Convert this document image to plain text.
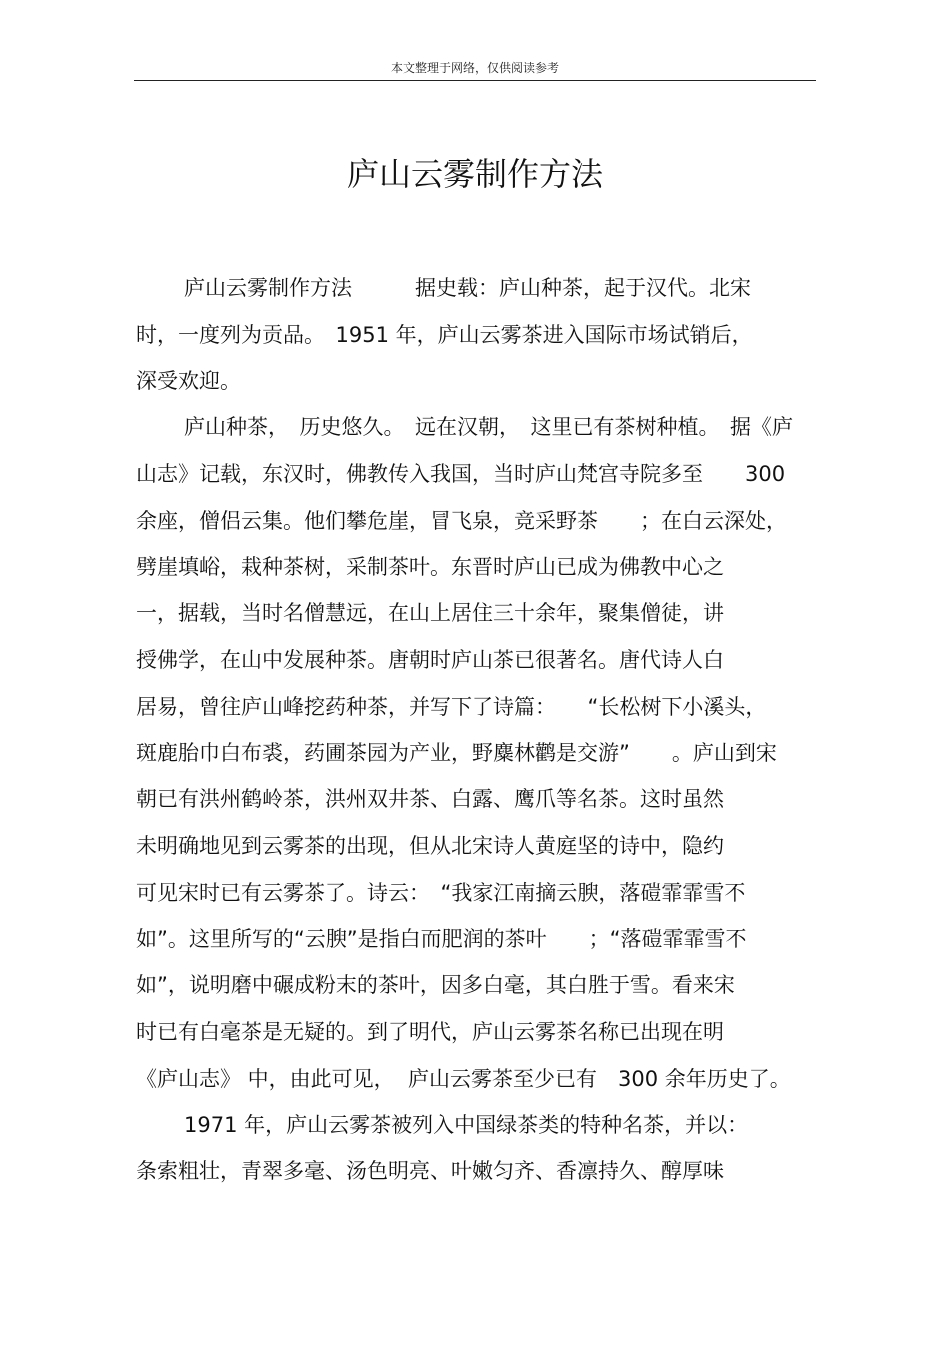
本文整理于网络，仅供阅读参考
庐山云雾制作方法
庐山云雾制作方法　　　据史载：庐山种茶，起于汉代。北宋
时，一度列为贡品。　1951 年，庐山云雾茶进入国际市场试销后，
深受欢迎。
庐山种茶，　历史悠久。　远在汉朝，　这里已有茶树种植。　据《庐
山志》记载，东汉时，佛教传入我国，当时庐山梵宫寺院多至　　300
余座，僧侣云集。他们攀危崖，冒飞泉，竞采野茶　　；在白云深处，
劈崖填峪，栽种茶树，采制茶叶。东晋时庐山已成为佛教中心之
一，据载，当时名僧慧远，在山上居住三十余年，聚集僧徒，讲
授佛学，在山中发展种茶。唐朝时庐山茶已很著名。唐代诗人白
居易，曾往庐山峰挖药种茶，并写下了诗篇：　　“长松树下小溪头，
斑鹿胎巾白布裘，药圃茶园为产业，野麋林鹳是交游”　　。庐山到宋
朝已有洪州鹤岭茶，洪州双井茶、白露、鹰爪等名茶。这时虽然
未明确地见到云雾茶的出现，但从北宋诗人黄庭坚的诗中，隐约
可见宋时已有云雾茶了。诗云：　“我家江南摘云腴，落磑霏霏雪不
如”。这里所写的“云腴”是指白而肥润的茶叶　　；“落磑霏霏雪不
如”，说明磨中碾成粉末的茶叶，因多白毫，其白胜于雪。看来宋
时已有白毫茶是无疑的。到了明代，庐山云雾茶名称已出现在明
《庐山志》 中，由此可见，  庐山云雾茶至少已有　300 余年历史了。
1971 年，庐山云雾茶被列入中国绿茶类的特种名茶，并以：
条索粗壮，青翠多毫、汤色明亮、叶嫩匀齐、香凛持久、醇厚味
